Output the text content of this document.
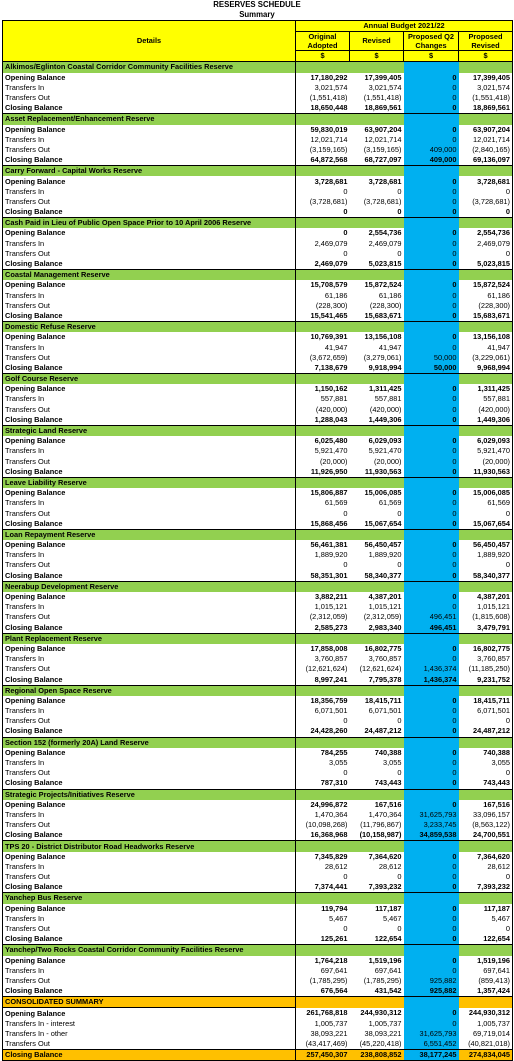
RESERVES SCHEDULE
Summary
Details	Annual Budget 2021/22			
	Original Adopted	Revised	Proposed Q2 Changes	Proposed Revised

	$	$	$	$
Alkimos/Eglinton Coastal Corridor Community Facilities Reserve				
Opening Balance	17,180,292	17,399,405	0	17,399,405
Transfers In	3,021,574	3,021,574	0	3,021,574
Transfers Out	(1,551,418)	(1,551,418)	0	(1,551,418)
Closing Balance	18,650,448	18,869,561	0	18,869,561
Asset Replacement/Enhancement Reserve				
Opening Balance	59,830,019	63,907,204	0	63,907,204
Transfers In	12,021,714	12,021,714	0	12,021,714
Transfers Out	(3,159,165)	(3,159,165)	409,000	(2,840,165)
Closing Balance	64,872,568	68,727,097	409,000	69,136,097
Carry Forward - Capital Works Reserve				
Opening Balance	3,728,681	3,728,681	0	3,728,681
Transfers In	0	0	0	0
Transfers Out	(3,728,681)	(3,728,681)	0	(3,728,681)
Closing Balance	0	0	0	0
Cash Paid in Lieu of Public Open Space Prior to 10 April 2006 Reserve				
Opening Balance	0	2,554,736	0	2,554,736
Transfers In	2,469,079	2,469,079	0	2,469,079
Transfers Out	0	0	0	0
Closing Balance	2,469,079	5,023,815	0	5,023,815
Coastal Management Reserve				
Opening Balance	15,708,579	15,872,524	0	15,872,524
Transfers In	61,186	61,186	0	61,186
Transfers Out	(228,300)	(228,300)	0	(228,300)
Closing Balance	15,541,465	15,683,671	0	15,683,671
Domestic Refuse Reserve				
Opening Balance	10,769,391	13,156,108	0	13,156,108
Transfers In	41,947	41,947	0	41,947
Transfers Out	(3,672,659)	(3,279,061)	50,000	(3,229,061)
Closing Balance	7,138,679	9,918,994	50,000	9,968,994
Golf Course Reserve				
Opening Balance	1,150,162	1,311,425	0	1,311,425
Transfers In	557,881	557,881	0	557,881
Transfers Out	(420,000)	(420,000)	0	(420,000)
Closing Balance	1,288,043	1,449,306	0	1,449,306
Strategic Land Reserve				
Opening Balance	6,025,480	6,029,093	0	6,029,093
Transfers In	5,921,470	5,921,470	0	5,921,470
Transfers Out	(20,000)	(20,000)	0	(20,000)
Closing Balance	11,926,950	11,930,563	0	11,930,563
Leave Liability Reserve				
Opening Balance	15,806,887	15,006,085	0	15,006,085
Transfers In	61,569	61,569	0	61,569
Transfers Out	0	0	0	0
Closing Balance	15,868,456	15,067,654	0	15,067,654
Loan Repayment Reserve				
Opening Balance	56,461,381	56,450,457	0	56,450,457
Transfers In	1,889,920	1,889,920	0	1,889,920
Transfers Out	0	0	0	0
Closing Balance	58,351,301	58,340,377	0	58,340,377
Neerabup Development Reserve				
Opening Balance	3,882,211	4,387,201	0	4,387,201
Transfers In	1,015,121	1,015,121	0	1,015,121
Transfers Out	(2,312,059)	(2,312,059)	496,451	(1,815,608)
Closing Balance	2,585,273	2,983,340	496,451	3,479,791
Plant Replacement Reserve				
Opening Balance	17,858,008	16,802,775	0	16,802,775
Transfers In	3,760,857	3,760,857	0	3,760,857
Transfers Out	(12,621,624)	(12,621,624)	1,436,374	(11,185,250)
Closing Balance	8,997,241	7,795,378	1,436,374	9,231,752
Regional Open Space Reserve				
Opening Balance	18,356,759	18,415,711	0	18,415,711
Transfers In	6,071,501	6,071,501	0	6,071,501
Transfers Out	0	0	0	0
Closing Balance	24,428,260	24,487,212	0	24,487,212
Section 152 (formerly 20A) Land Reserve				
Opening Balance	784,255	740,388	0	740,388
Transfers In	3,055	3,055	0	3,055
Transfers Out	0	0	0	0
Closing Balance	787,310	743,443	0	743,443
Strategic Projects/Initiatives Reserve				
Opening Balance	24,996,872	167,516	0	167,516
Transfers In	1,470,364	1,470,364	31,625,793	33,096,157
Transfers Out	(10,098,268)	(11,796,867)	3,233,745	(8,563,122)
Closing Balance	16,368,968	(10,158,987)	34,859,538	24,700,551
TPS 20 - District Distributor Road Headworks Reserve				
Opening Balance	7,345,829	7,364,620	0	7,364,620
Transfers In	28,612	28,612	0	28,612
Transfers Out	0	0	0	0
Closing Balance	7,374,441	7,393,232	0	7,393,232
Yanchep Bus Reserve				
Opening Balance	119,794	117,187	0	117,187
Transfers In	5,467	5,467	0	5,467
Transfers Out	0	0	0	0
Closing Balance	125,261	122,654	0	122,654
Yanchep/Two Rocks Coastal Corridor Community Facilities Reserve				
Opening Balance	1,764,218	1,519,196	0	1,519,196
Transfers In	697,641	697,641	0	697,641
Transfers Out	(1,785,295)	(1,785,295)	925,882	(859,413)
Closing Balance	676,564	431,542	925,882	1,357,424
CONSOLIDATED SUMMARY				
Opening Balance	261,768,818	244,930,312	0	244,930,312
Transfers In - interest	1,005,737	1,005,737	0	1,005,737
Transfers In - other	38,093,221	38,093,221	31,625,793	69,719,014
Transfers Out	(43,417,469)	(45,220,418)	6,551,452	(40,821,018)
Closing Balance	257,450,307	238,808,852	38,177,245	274,834,045
